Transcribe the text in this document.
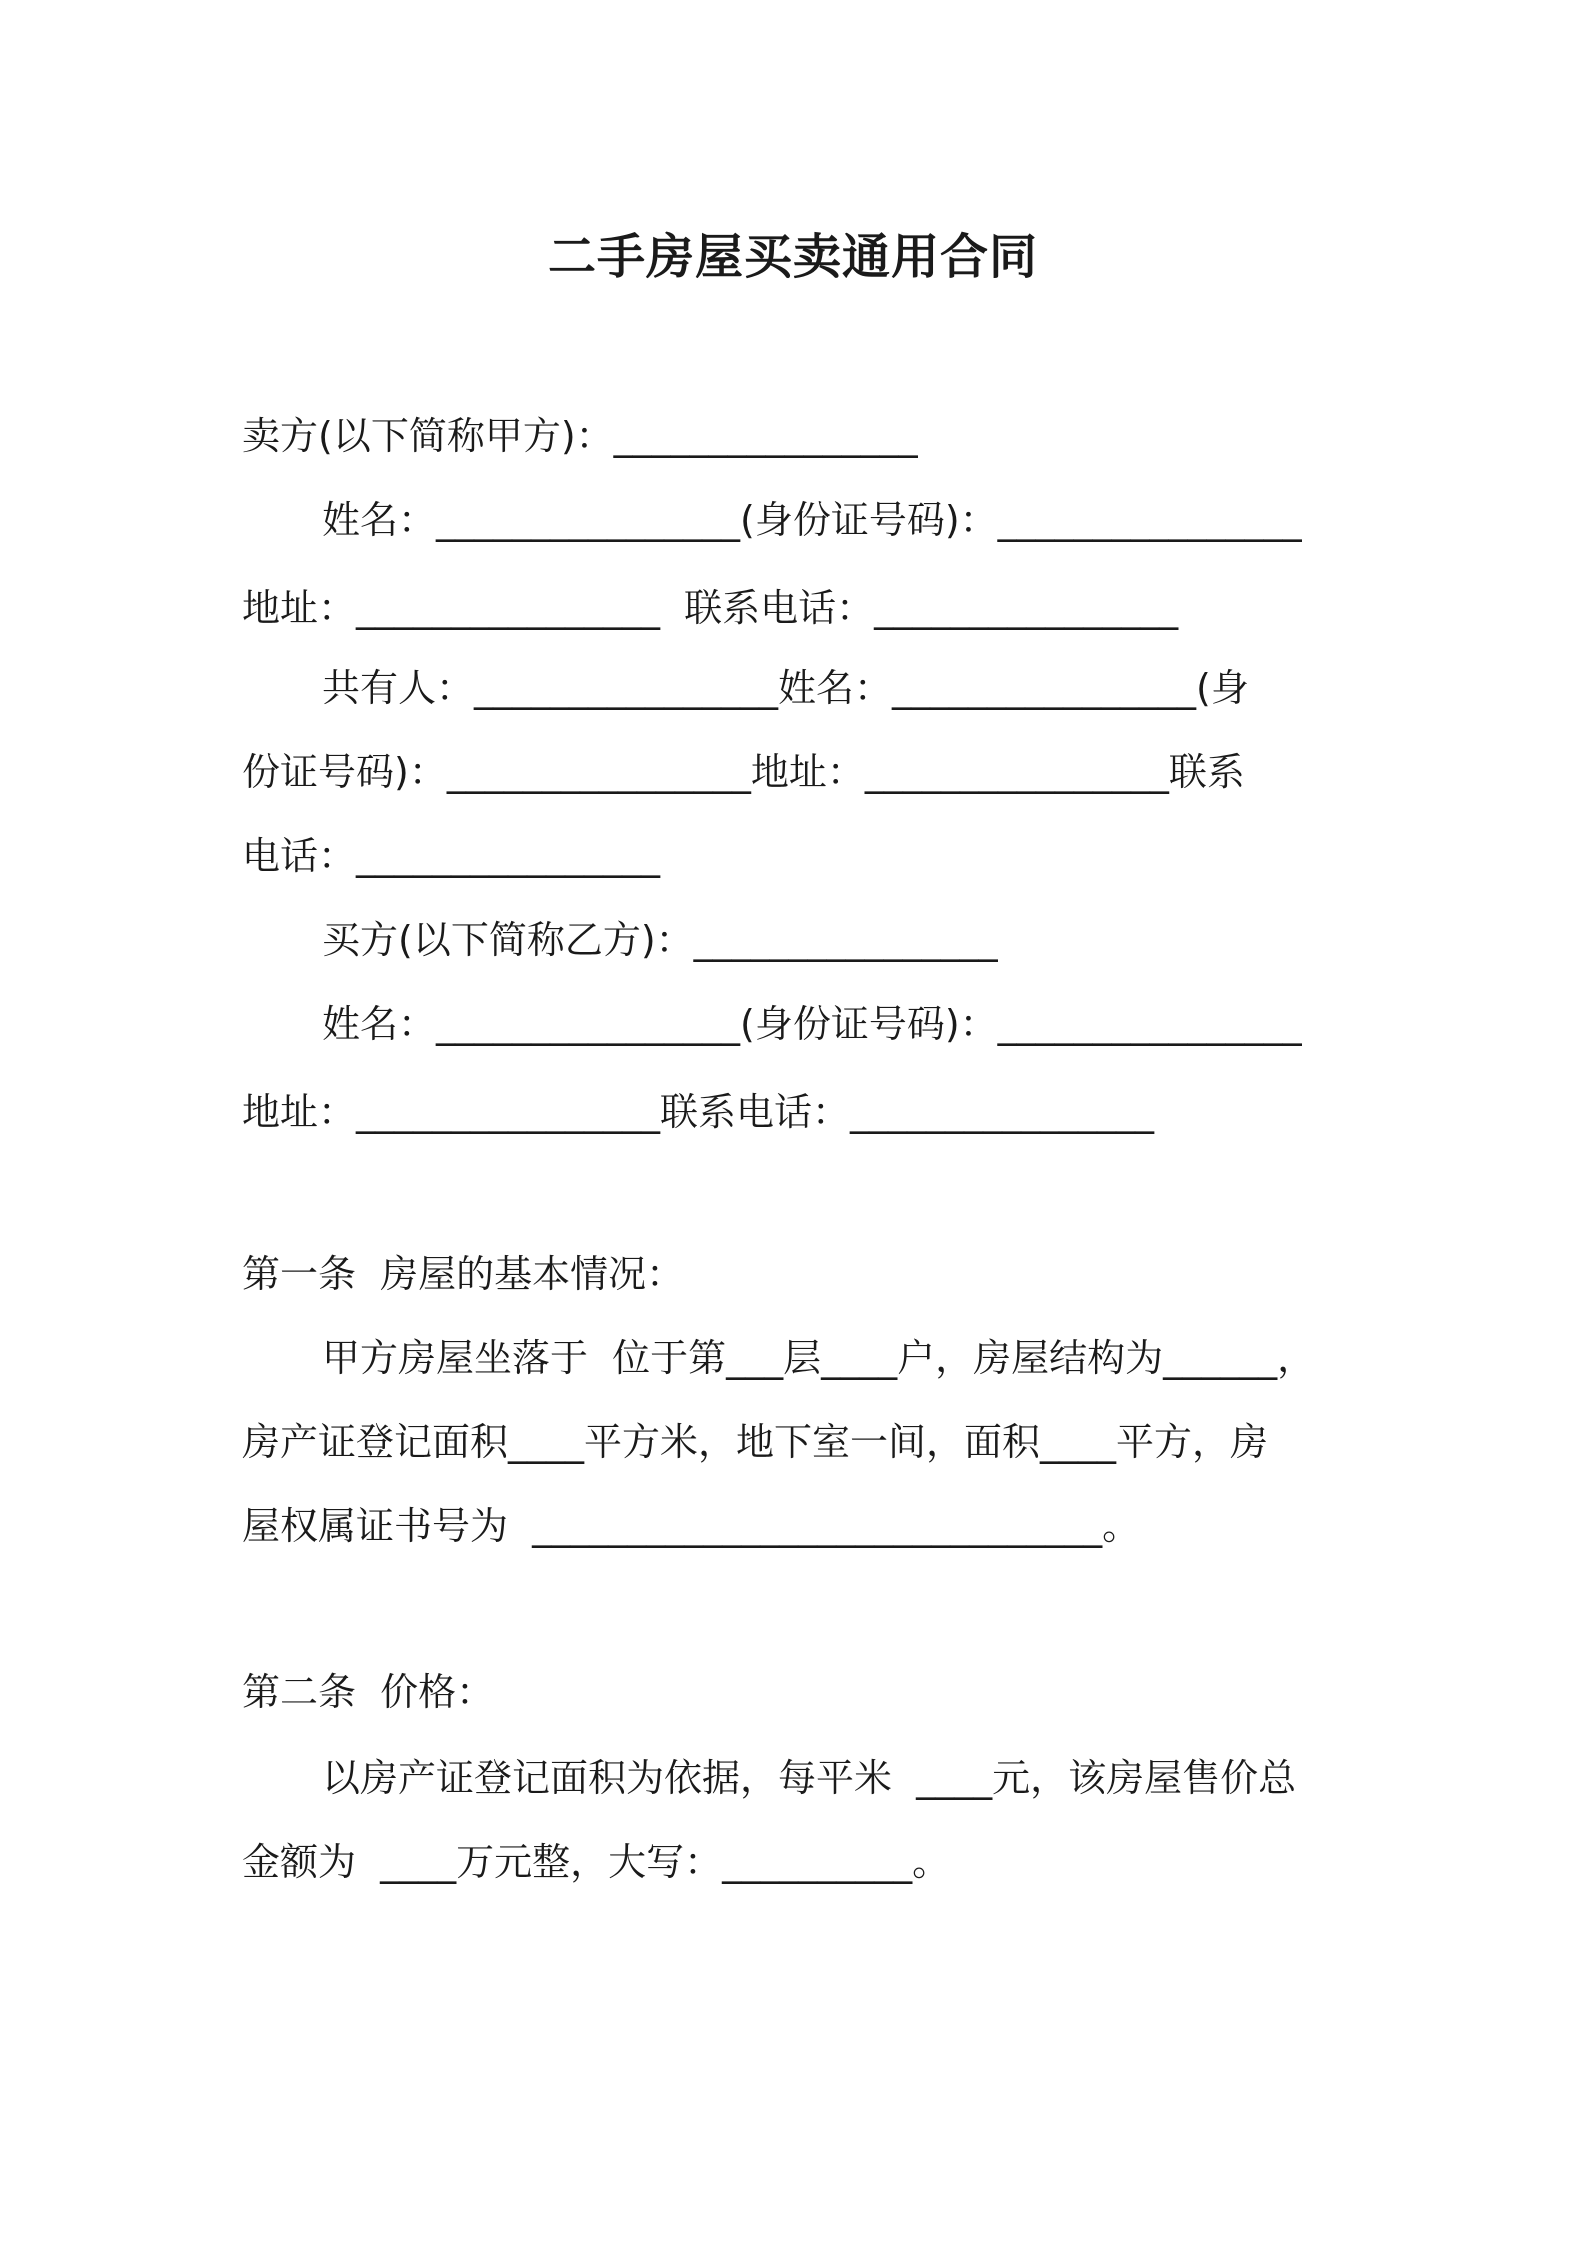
二手房屋买卖通用合同
卖方(以下简称甲方)：________________
姓名：________________(身份证号码)：________________
地址：________________  联系电话：________________
共有人：________________姓名：________________(身
份证号码)：________________地址：________________联系
电话：________________
买方(以下简称乙方)：________________
姓名：________________(身份证号码)：________________
地址：________________联系电话：________________
第一条  房屋的基本情况：
甲方房屋坐落于  位于第___层____户，房屋结构为______，
房产证登记面积____平方米，地下室一间，面积____平方，房
屋权属证书号为  ______________________________。
第二条  价格：
以房产证登记面积为依据，每平米  ____元，该房屋售价总
金额为  ____万元整，大写：__________。
